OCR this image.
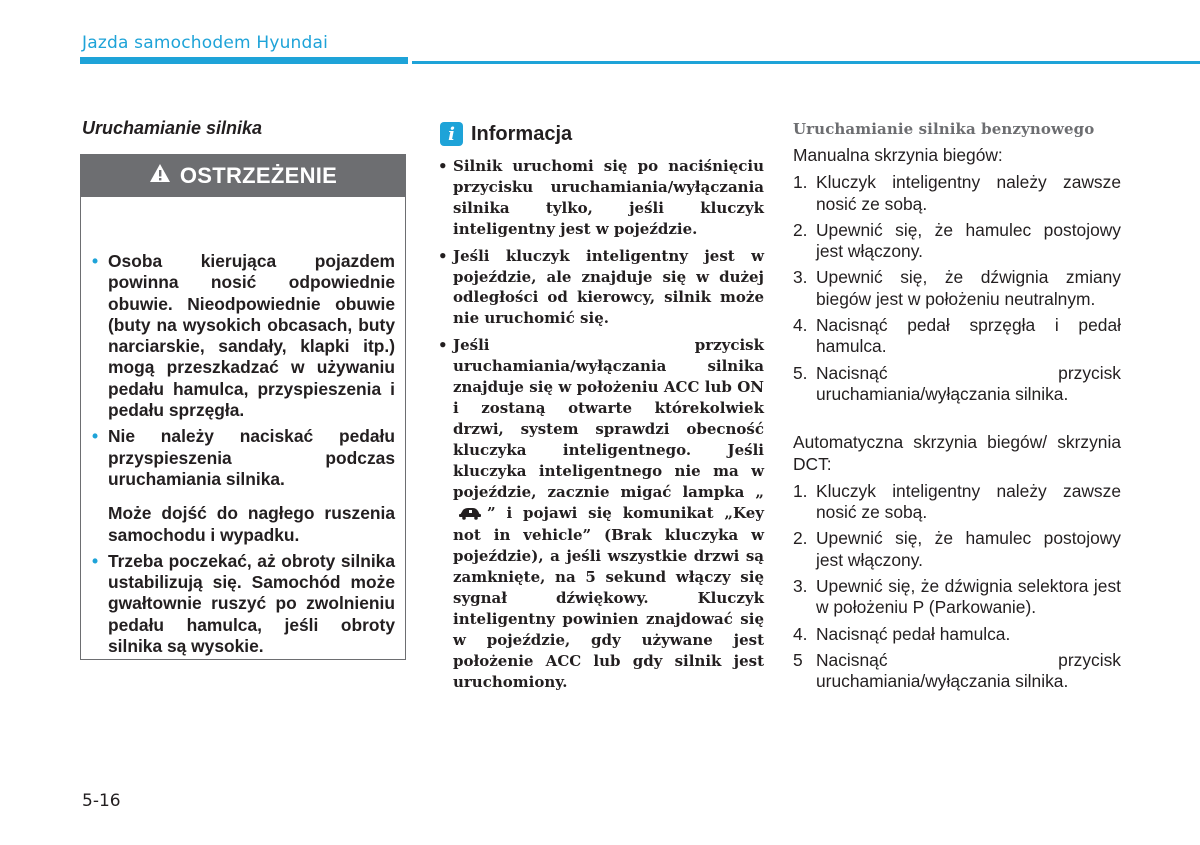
Jazda samochodem Hyundai
Uruchamianie silnika
OSTRZEŻENIE
• Osoba kierująca pojazdem powinna nosić odpowiednie obuwie. Nieodpowiednie obuwie (buty na wysokich obcasach, buty narciarskie, sandały, klapki itp.) mogą przeszkadzać w używaniu pedału hamulca, przyspieszenia i pedału sprzęgła.
• Nie należy naciskać pedału przyspieszenia podczas uruchamiania silnika.
Może dojść do nagłego ruszenia samochodu i wypadku.
• Trzeba poczekać, aż obroty silnika ustabilizują się. Samochód może gwałtownie ruszyć po zwolnieniu pedału hamulca, jeśli obroty silnika są wysokie.
i Informacja
• Silnik uruchomi się po naciśnięciu przycisku uruchamiania/wyłączania silnika tylko, jeśli kluczyk inteligentny jest w pojeździe.
• Jeśli kluczyk inteligentny jest w pojeździe, ale znajduje się w dużej odległości od kierowcy, silnik może nie uruchomić się.
• Jeśli przycisk uruchamiania/wyłączania silnika znajduje się w położeniu ACC lub ON i zostaną otwarte którekolwiek drzwi, system sprawdzi obecność kluczyka inteligentnego. Jeśli kluczyka inteligentnego nie ma w pojeździe, zacznie migać lampka „” i pojawi się komunikat „Key not in vehicle” (Brak kluczyka w pojeździe), a jeśli wszystkie drzwi są zamknięte, na 5 sekund włączy się sygnał dźwiękowy. Kluczyk inteligentny powinien znajdować się w pojeździe, gdy używane jest położenie ACC lub gdy silnik jest uruchomiony.
Uruchamianie silnika benzynowego

Manualna skrzynia biegów:

1. Kluczyk inteligentny należy zawsze nosić ze sobą.
2. Upewnić się, że hamulec postojowy jest włączony.
3. Upewnić się, że dźwignia zmiany biegów jest w położeniu neutralnym.
4. Nacisnąć pedał sprzęgła i pedał hamulca.
5. Nacisnąć przycisk uruchamiania/wyłączania silnika.

Automatyczna skrzynia biegów/ skrzynia DCT:

1. Kluczyk inteligentny należy zawsze nosić ze sobą.
2. Upewnić się, że hamulec postojowy jest włączony.
3. Upewnić się, że dźwignia selektora jest w położeniu P (Parkowanie).
4. Nacisnąć pedał hamulca.
5 Nacisnąć przycisk uruchamiania/wyłączania silnika.
5-16
